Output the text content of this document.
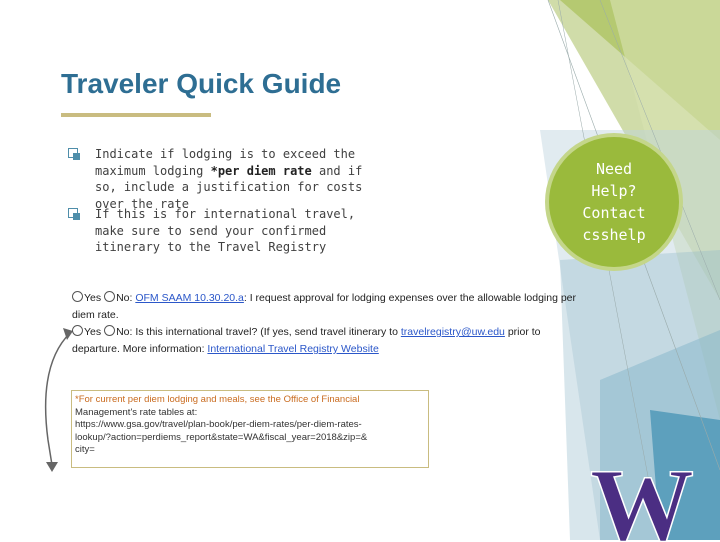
Traveler Quick Guide
Indicate if lodging is to exceed the maximum lodging *per diem rate and if so, include a justification for costs over the rate
If this is for international travel, make sure to send your confirmed itinerary to the Travel Registry
Yes No: OFM SAAM 10.30.20.a: I request approval for lodging expenses over the allowable lodging per
diem rate.
Yes No: Is this international travel? (If yes, send travel itinerary to travelregistry@uw.edu prior to
departure. More information: International Travel Registry Website
*For current per diem lodging and meals, see the Office of Financial
Management's rate tables at:
https://www.gsa.gov/travel/plan-book/per-diem-rates/per-diem-rates-
lookup/?action=perdiems_report&state=WA&fiscal_year=2018&zip=&
city=
Need
Help?
Contact
csshelp
W
